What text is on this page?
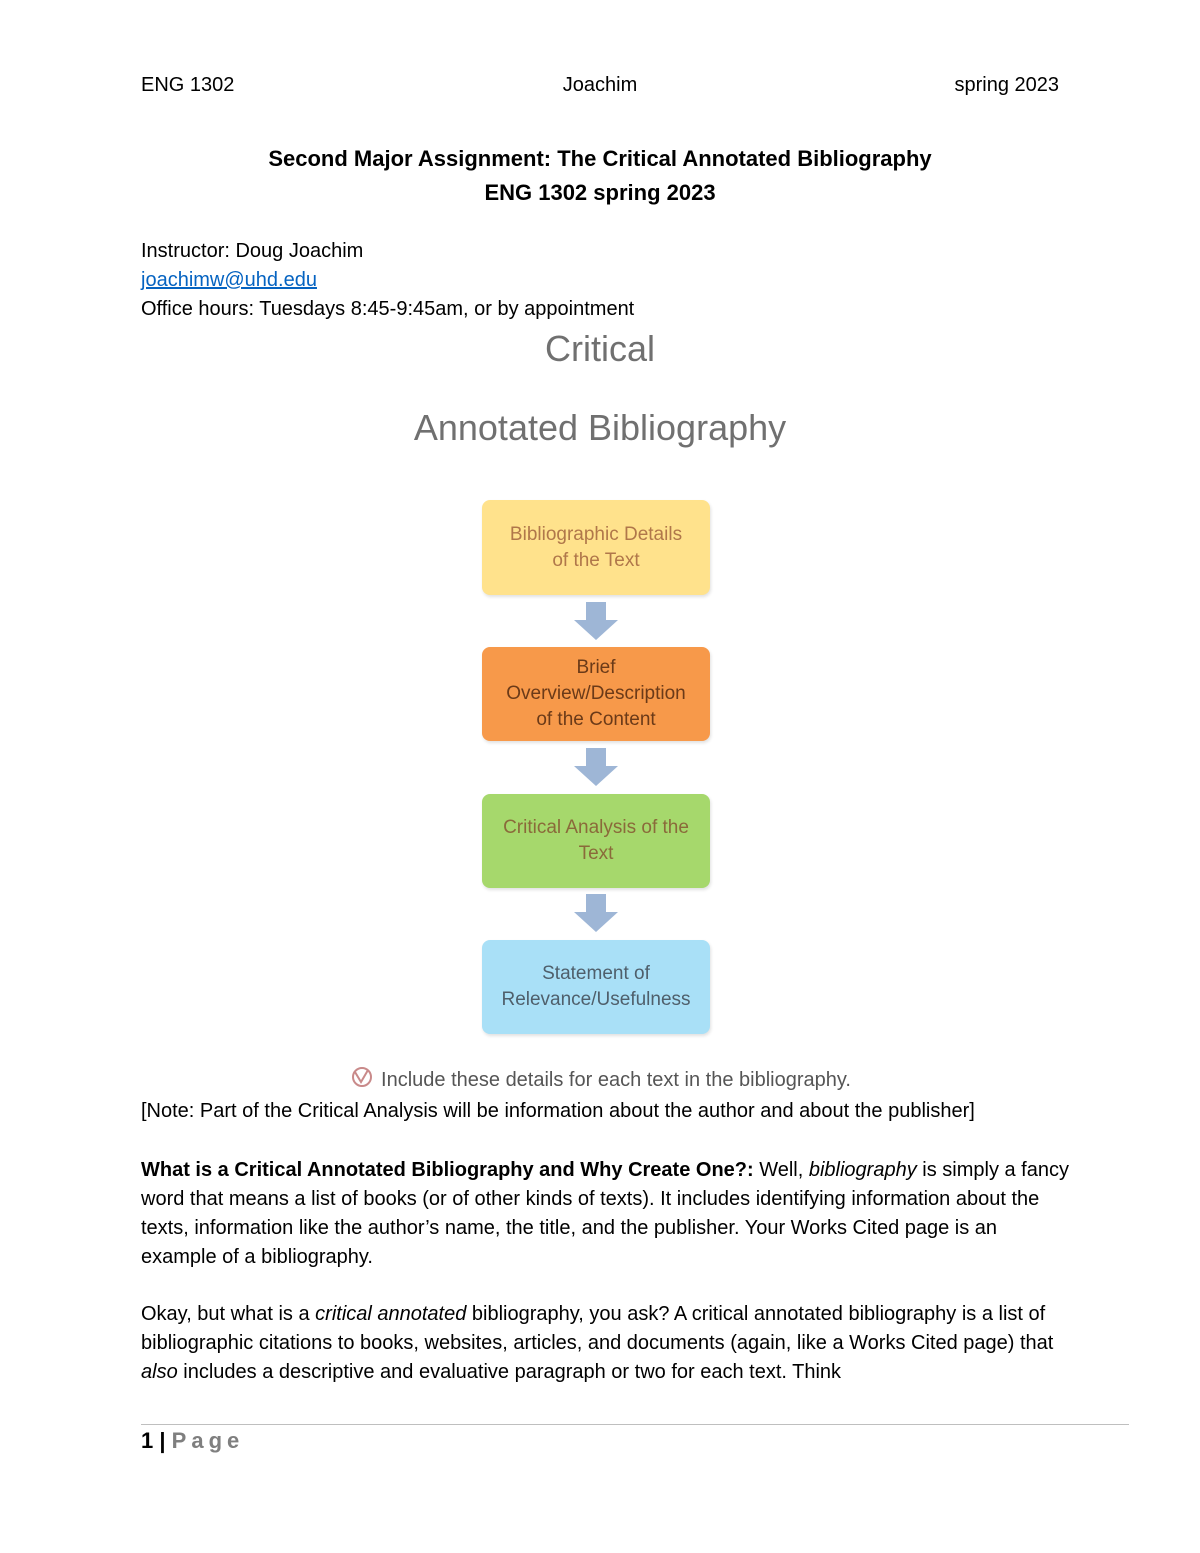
ENG 1302	Joachim	spring 2023
Second Major Assignment: The Critical Annotated Bibliography
ENG 1302 spring 2023
Instructor: Doug Joachim
joachimw@uhd.edu
Office hours: Tuesdays 8:45-9:45am, or by appointment
Critical
Annotated Bibliography
Bibliographic Details
of the Text
Brief
Overview/Description
of the Content
Critical Analysis of the
Text
Statement of
Relevance/Usefulness
Include these details for each text in the bibliography.
[Note: Part of the Critical Analysis will be information about the author and about the publisher]
What is a Critical Annotated Bibliography and Why Create One?: Well, bibliography is simply a fancy word that means a list of books (or of other kinds of texts). It includes identifying information about the texts, information like the author’s name, the title, and the publisher. Your Works Cited page is an example of a bibliography.
Okay, but what is a critical annotated bibliography, you ask? A critical annotated bibliography is a list of bibliographic citations to books, websites, articles, and documents (again, like a Works Cited page) that also includes a descriptive and evaluative paragraph or two for each text. Think
1 | Page
